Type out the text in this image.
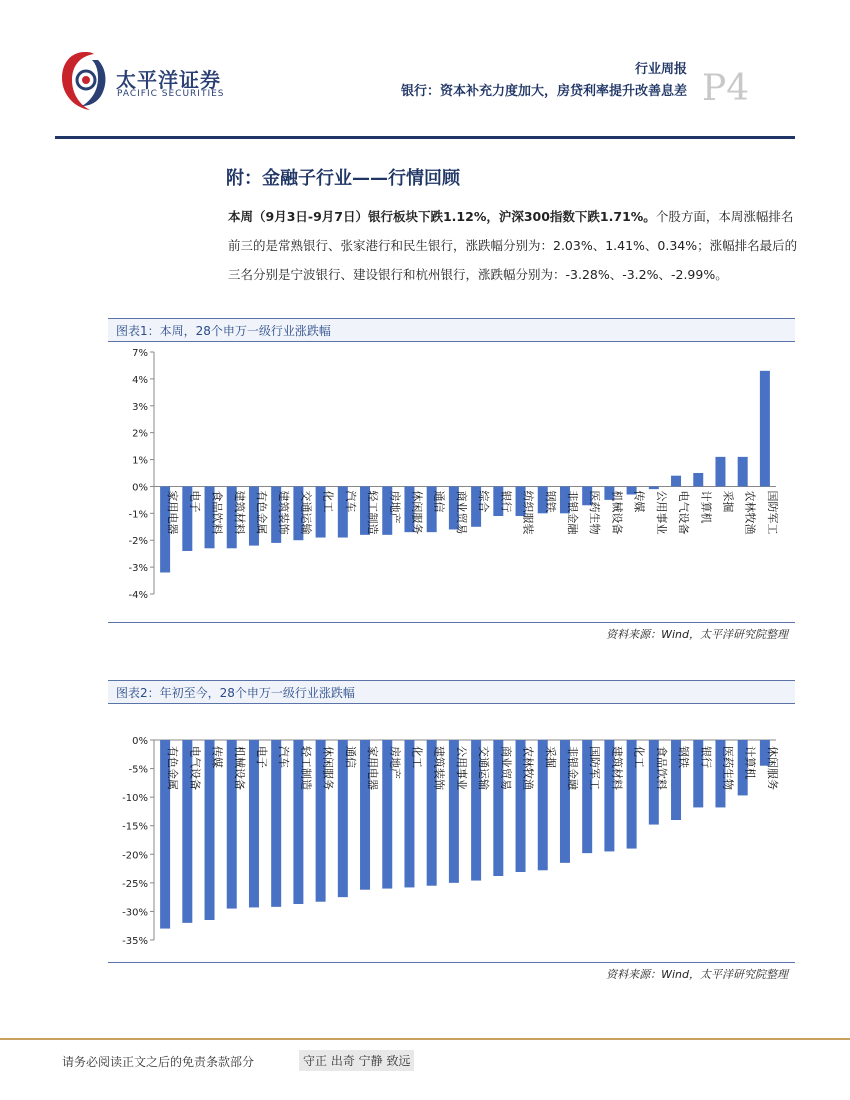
太平洋证券
PACIFIC SECURITIES
行业周报
银行：资本补充力度加大，房贷利率提升改善息差 P4
附：金融子行业——行情回顾
本周（9月3日-9月7日）银行板块下跌1.12%，沪深300指数下跌1.71%。个股方面，本周涨幅排名前三的是常熟银行、张家港行和民生银行，涨跌幅分别为：2.03%、1.41%、0.34%；涨幅排名最后的三名分别是宁波银行、建设银行和杭州银行，涨跌幅分别为：-3.28%、-3.2%、-2.99%。
图表1：本周，28个申万一级行业涨跌幅
7%
4%
3%
2%
1%
0%
-1%
-2%
-3%
-4%
家用电器 电子 食品饮料 建筑材料 有色金属 建筑装饰 交通运输 化工 汽车 轻工制造 房地产 休闲服务 通信 商业贸易 综合 银行 纺织服装 钢铁 非银金融 医药生物 机械设备 传媒 公用事业 电气设备 计算机 采掘 农林牧渔 国防军工
资料来源：Wind，太平洋研究院整理
图表2：年初至今，28个申万一级行业涨跌幅
0%
-5%
-10%
-15%
-20%
-25%
-30%
-35%
有色金属 电气设备 传媒 机械设备 电子 汽车 轻工制造 休闲服务 通信 家用电器 房地产 化工 建筑装饰 公用事业 交通运输 商业贸易 农林牧渔 采掘 非银金融 国防军工 建筑材料 化工 食品饮料 钢铁 银行 医药生物 计算机 休闲服务
资料来源：Wind，太平洋研究院整理
请务必阅读正文之后的免责条款部分	守正 出奇 宁静 致远
